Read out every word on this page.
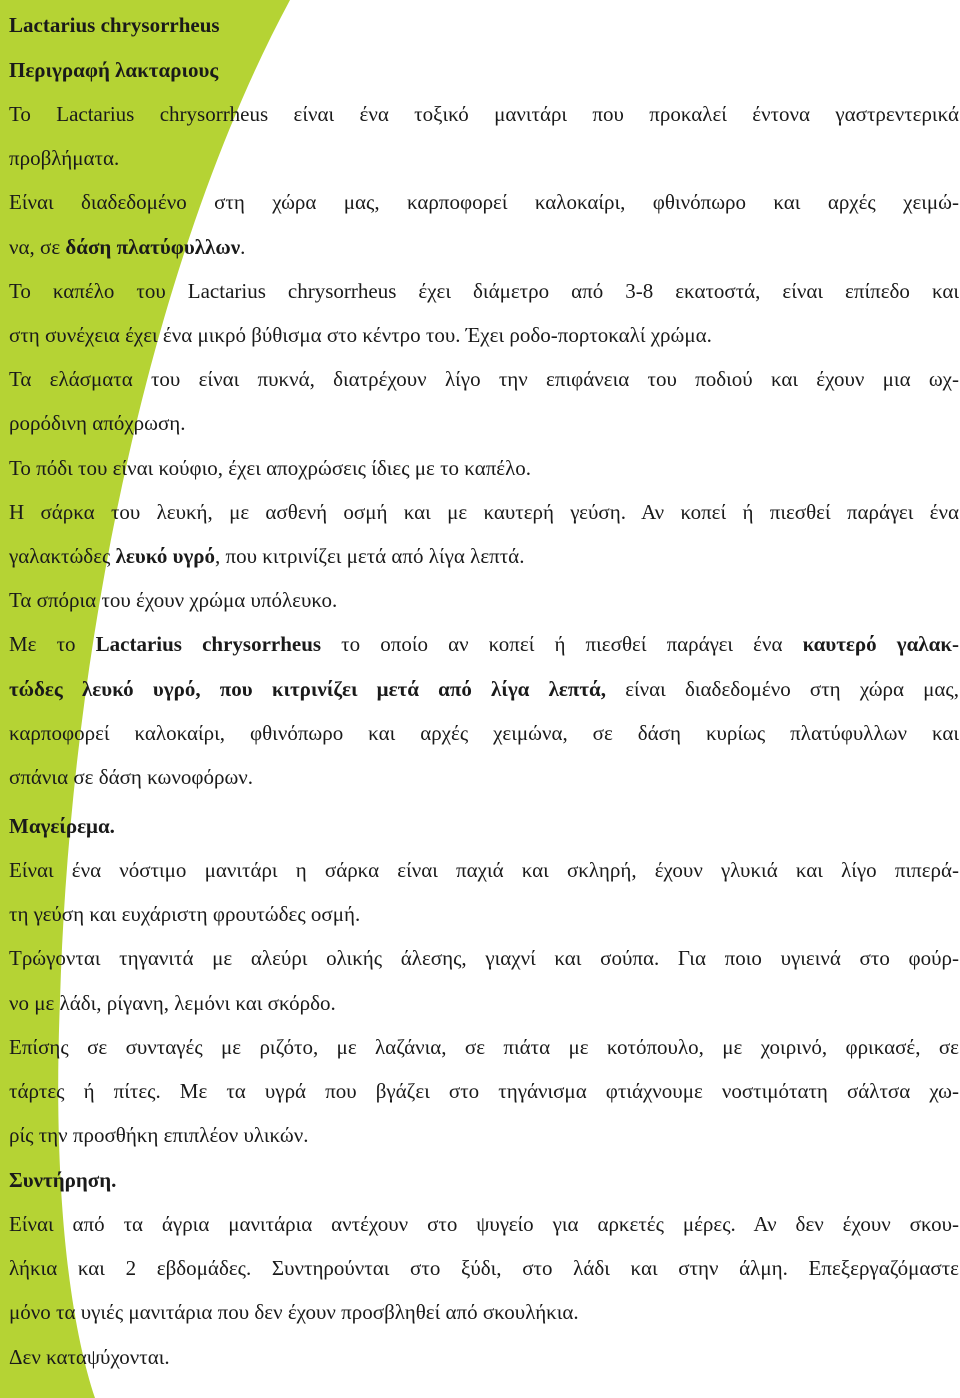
Lactarius chrysorrheus
Περιγραφή λακταριους
Το Lactarius chrysorrheus είναι ένα τοξικό μανιτάρι που προκαλεί έντονα γαστρεντερικά
προβλήματα.
Είναι διαδεδομένο στη χώρα μας, καρποφορεί καλοκαίρι, φθινόπωρο και αρχές χειμώ-
να, σε δάση πλατύφυλλων.
Το καπέλο του Lactarius chrysorrheus έχει διάμετρο από 3-8 εκατοστά, είναι επίπεδο και
στη συνέχεια έχει ένα μικρό βύθισμα στο κέντρο του. Έχει ροδο-πορτοκαλί χρώμα.
Τα ελάσματα του είναι πυκνά, διατρέχουν λίγο την επιφάνεια του ποδιού και έχουν μια ωχ-
ρορόδινη απόχρωση.
Το πόδι του είναι κούφιο, έχει αποχρώσεις ίδιες με το καπέλο.
Η σάρκα του λευκή, με ασθενή οσμή και με καυτερή γεύση. Αν κοπεί ή πιεσθεί παράγει ένα
γαλακτώδες λευκό υγρό, που κιτρινίζει μετά από λίγα λεπτά.
Τα σπόρια του έχουν χρώμα υπόλευκο.
Με το Lactarius chrysorrheus το οποίο αν κοπεί ή πιεσθεί παράγει ένα καυτερό γαλακ-
τώδες λευκό υγρό, που κιτρινίζει μετά από λίγα λεπτά, είναι διαδεδομένο στη χώρα μας,
καρποφορεί καλοκαίρι, φθινόπωρο και αρχές χειμώνα, σε δάση κυρίως πλατύφυλλων και
σπάνια σε δάση κωνοφόρων.
Μαγείρεμα.
Είναι ένα νόστιμο μανιτάρι η σάρκα είναι παχιά και σκληρή, έχουν γλυκιά και λίγο πιπερά-
τη γεύση και ευχάριστη φρουτώδες οσμή.
Τρώγονται τηγανιτά με αλεύρι ολικής άλεσης, γιαχνί και σούπα. Για ποιο υγιεινά στο φούρ-
νο με λάδι, ρίγανη, λεμόνι και σκόρδο.
Επίσης σε συνταγές με ριζότο, με λαζάνια, σε πιάτα με κοτόπουλο, με χοιρινό, φρικασέ, σε
τάρτες ή πίτες. Με τα υγρά που βγάζει στο τηγάνισμα φτιάχνουμε νοστιμότατη σάλτσα χω-
ρίς την προσθήκη επιπλέον υλικών.
Συντήρηση.
Είναι από τα άγρια μανιτάρια αντέχουν στο ψυγείο για αρκετές μέρες. Αν δεν έχουν σκου-
λήκια και 2 εβδομάδες. Συντηρούνται στο ξύδι, στο λάδι και στην άλμη. Επεξεργαζόμαστε
μόνο τα υγιές μανιτάρια που δεν έχουν προσβληθεί από σκουλήκια.
Δεν καταψύχονται.
